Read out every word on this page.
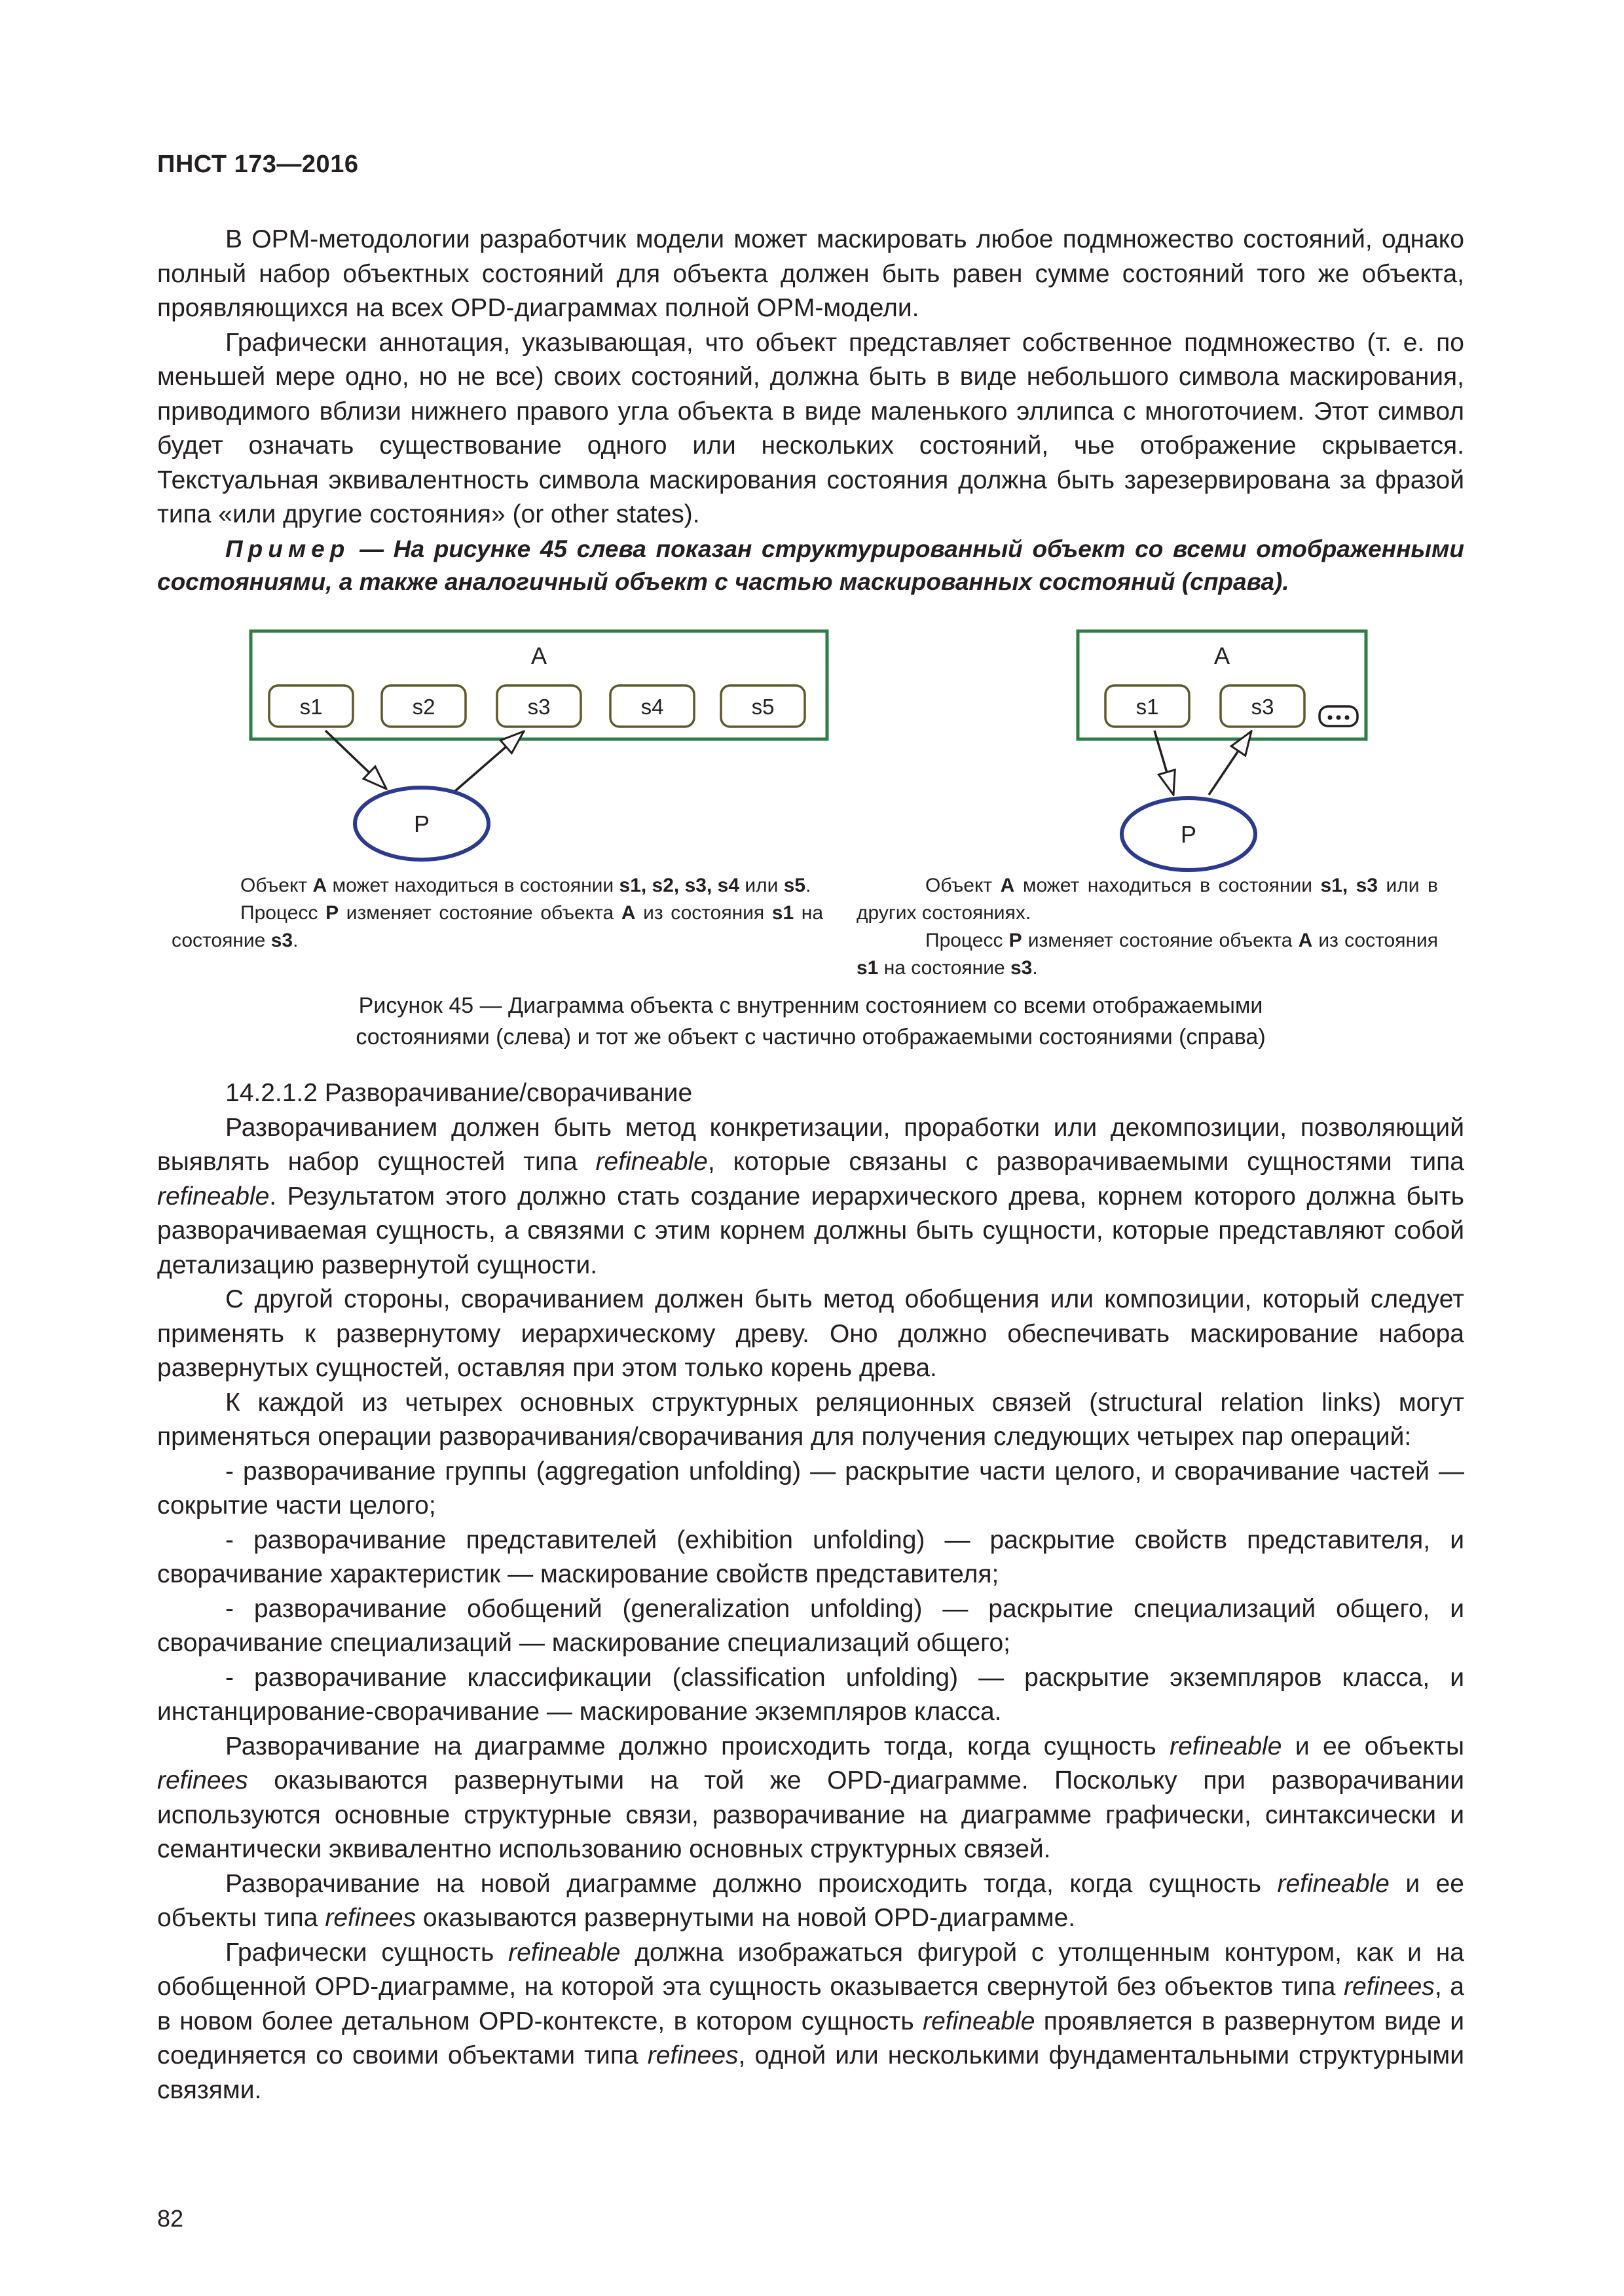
ПНСТ 173—2016

В OPM-методологии разработчик модели может маскировать любое подмножество состояний, однако полный набор объектных состояний для объекта должен быть равен сумме состояний того же объекта, проявляющихся на всех OPD-диаграммах полной OPM-модели.

Графически аннотация, указывающая, что объект представляет собственное подмножество (т. е. по меньшей мере одно, но не все) своих состояний, должна быть в виде небольшого символа маскирования, приводимого вблизи нижнего правого угла объекта в виде маленького эллипса с многоточием. Этот символ будет означать существование одного или нескольких состояний, чье отображение скрывается. Текстуальная эквивалентность символа маскирования состояния должна быть зарезервирована за фразой типа «или другие состояния» (or other states).

Пример — На рисунке 45 слева показан структурированный объект со всеми отображенными состояниями, а также аналогичный объект с частью маскированных состояний (справа).
A
s1	s2	s3	s4	s5
P
A
s1	s3
P

Объект A может находиться в состоянии s1, s2, s3, s4 или s5.

Процесс P изменяет состояние объекта A из состояния s1 на состояние s3.

Объект A может находиться в состоянии s1, s3 или в других состояниях.

Процесс P изменяет состояние объекта A из состояния s1 на состояние s3.

Рисунок 45 — Диаграмма объекта с внутренним состоянием со всеми отображаемыми
состояниями (слева) и тот же объект с частично отображаемыми состояниями (справа)

14.2.1.2 Разворачивание/сворачивание

Разворачиванием должен быть метод конкретизации, проработки или декомпозиции, позволяющий выявлять набор сущностей типа refineable, которые связаны с разворачиваемыми сущностями типа refineable. Результатом этого должно стать создание иерархического древа, корнем которого должна быть разворачиваемая сущность, а связями с этим корнем должны быть сущности, которые представляют собой детализацию развернутой сущности.

С другой стороны, сворачиванием должен быть метод обобщения или композиции, который следует применять к развернутому иерархическому древу. Оно должно обеспечивать маскирование набора развернутых сущностей, оставляя при этом только корень древа.

К каждой из четырех основных структурных реляционных связей (structural relation links) могут применяться операции разворачивания/сворачивания для получения следующих четырех пар операций:

- разворачивание группы (aggregation unfolding) — раскрытие части целого, и сворачивание частей — сокрытие части целого;

- разворачивание представителей (exhibition unfolding) — раскрытие свойств представителя, и сворачивание характеристик — маскирование свойств представителя;

- разворачивание обобщений (generalization unfolding) — раскрытие специализаций общего, и сворачивание специализаций — маскирование специализаций общего;

- разворачивание классификации (classification unfolding) — раскрытие экземпляров класса, и инстанцирование-сворачивание — маскирование экземпляров класса.

Разворачивание на диаграмме должно происходить тогда, когда сущность refineable и ее объекты refinees оказываются развернутыми на той же OPD-диаграмме. Поскольку при разворачивании используются основные структурные связи, разворачивание на диаграмме графически, синтаксически и семантически эквивалентно использованию основных структурных связей.

Разворачивание на новой диаграмме должно происходить тогда, когда сущность refineable и ее объекты типа refinees оказываются развернутыми на новой OPD-диаграмме.

Графически сущность refineable должна изображаться фигурой с утолщенным контуром, как и на обобщенной OPD-диаграмме, на которой эта сущность оказывается свернутой без объектов типа refinees, а в новом более детальном OPD-контексте, в котором сущность refineable проявляется в развернутом виде и соединяется со своими объектами типа refinees, одной или несколькими фундаментальными структурными связями.

82
